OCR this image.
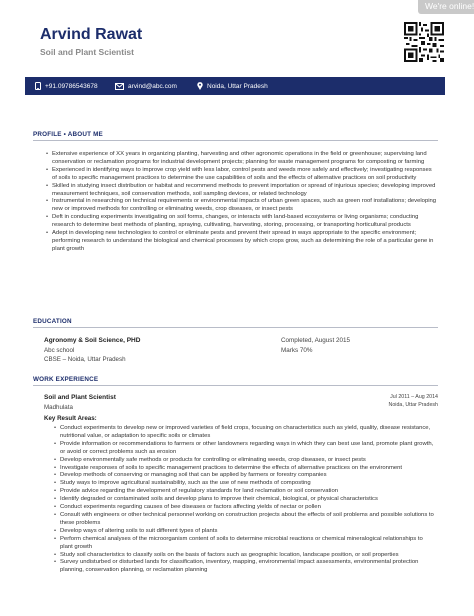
We're online!
Arvind Rawat
Soil and Plant Scientist
+91.09786543678	arvind@abc.com	Noida, Uttar Pradesh
PROFILE • ABOUT ME
• Extensive experience of XX years in organizing planting, harvesting and other agronomic operations in the field or greenhouse; supervising land conservation or reclamation programs for industrial development projects; planning for waste management programs for composting or farming
• Experienced in identifying ways to improve crop yield with less labor, control pests and weeds more safely and effectively; investigating responses of soils to specific management practices to determine the use capabilities of soils and the effects of alternative practices on soil productivity
• Skilled in studying insect distribution or habitat and recommend methods to prevent importation or spread of injurious species; developing improved measurement techniques, soil conservation methods, soil sampling devices, or related technology
• Instrumental in researching on technical requirements or environmental impacts of urban green spaces, such as green roof installations; developing new or improved methods for controlling or eliminating weeds, crop diseases, or insect pests
• Deft in conducting experiments investigating on soil forms, changes, or interacts with land-based ecosystems or living organisms; conducting research to determine best methods of planting, spraying, cultivating, harvesting, storing, processing, or transporting horticultural products
• Adept in developing new technologies to control or eliminate pests and prevent their spread in ways appropriate to the specific environment; performing research to understand the biological and chemical processes by which crops grow, such as determining the role of a particular gene in plant growth
EDUCATION
Agronomy & Soil Science, PHD
Abc school
CBSE – Noida, Uttar Pradesh
Completed, August 2015
Marks 70%
WORK EXPERIENCE
Soil and Plant Scientist
Madhulata
Jul 2011 – Aug 2014
Noida, Uttar Pradesh
Key Result Areas:
• Conduct experiments to develop new or improved varieties of field crops, focusing on characteristics such as yield, quality, disease resistance, nutritional value, or adaptation to specific soils or climates
• Provide information or recommendations to farmers or other landowners regarding ways in which they can best use land, promote plant growth, or avoid or correct problems such as erosion
• Develop environmentally safe methods or products for controlling or eliminating weeds, crop diseases, or insect pests
• Investigate responses of soils to specific management practices to determine the effects of alternative practices on the environment
• Develop methods of conserving or managing soil that can be applied by farmers or forestry companies
• Study ways to improve agricultural sustainability, such as the use of new methods of composting
• Provide advice regarding the development of regulatory standards for land reclamation or soil conservation
• Identify degraded or contaminated soils and develop plans to improve their chemical, biological, or physical characteristics
• Conduct experiments regarding causes of bee diseases or factors affecting yields of nectar or pollen
• Consult with engineers or other technical personnel working on construction projects about the effects of soil problems and possible solutions to these problems
• Develop ways of altering soils to suit different types of plants
• Perform chemical analyses of the microorganism content of soils to determine microbial reactions or chemical mineralogical relationships to plant growth
• Study soil characteristics to classify soils on the basis of factors such as geographic location, landscape position, or soil properties
• Survey undisturbed or disturbed lands for classification, inventory, mapping, environmental impact assessments, environmental protection planning, conservation planning, or reclamation planning
